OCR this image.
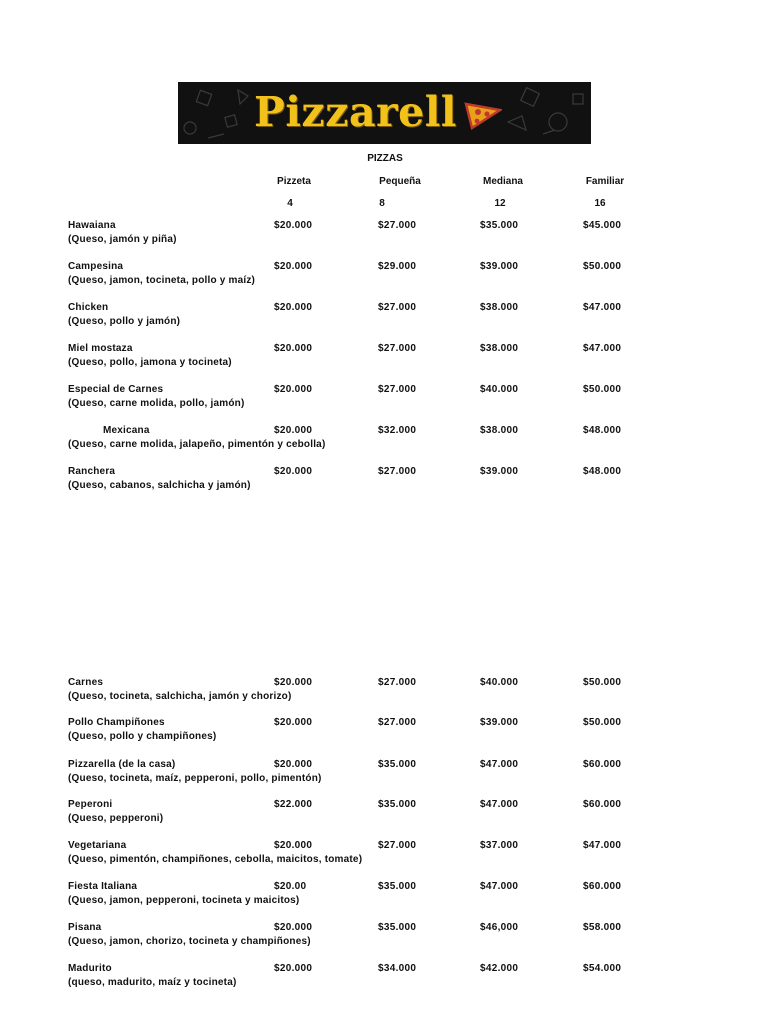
Pizzarell
PIZZAS
Pizzeta	Pequeña	Mediana	Familiar
4	8	12	16
Hawaiana
(Queso, jamón y piña)
$20.000	$27.000	$35.000	$45.000
Campesina
(Queso, jamon, tocineta, pollo y maíz)
$20.000	$29.000	$39.000	$50.000
Chicken
(Queso, pollo y jamón)
$20.000	$27.000	$38.000	$47.000
Miel mostaza
(Queso, pollo, jamona y tocineta)
$20.000	$27.000	$38.000	$47.000
Especial de Carnes
(Queso, carne molida, pollo, jamón)
$20.000	$27.000	$40.000	$50.000
Mexicana
(Queso, carne molida, jalapeño, pimentón y cebolla)
$20.000	$32.000	$38.000	$48.000
Ranchera
(Queso, cabanos, salchicha y jamón)
$20.000	$27.000	$39.000	$48.000
Carnes
(Queso, tocineta, salchicha, jamón y chorizo)
$20.000	$27.000	$40.000	$50.000
Pollo Champiñones
(Queso, pollo y champiñones)
$20.000	$27.000	$39.000	$50.000
Pizzarella (de la casa)
(Queso, tocineta, maíz, pepperoni, pollo, pimentón)
$20.000	$35.000	$47.000	$60.000
Peperoni
(Queso, pepperoni)
$22.000	$35.000	$47.000	$60.000
Vegetariana
(Queso, pimentón, champiñones, cebolla, maicitos, tomate)
$20.000	$27.000	$37.000	$47.000
Fiesta Italiana
(Queso, jamon, pepperoni, tocineta y maicitos)
$20.00	$35.000	$47.000	$60.000
Pisana
(Queso, jamon, chorizo, tocineta y champiñones)
$20.000	$35.000	$46,000	$58.000
Madurito
(queso, madurito, maíz y tocineta)
$20.000	$34.000	$42.000	$54.000
